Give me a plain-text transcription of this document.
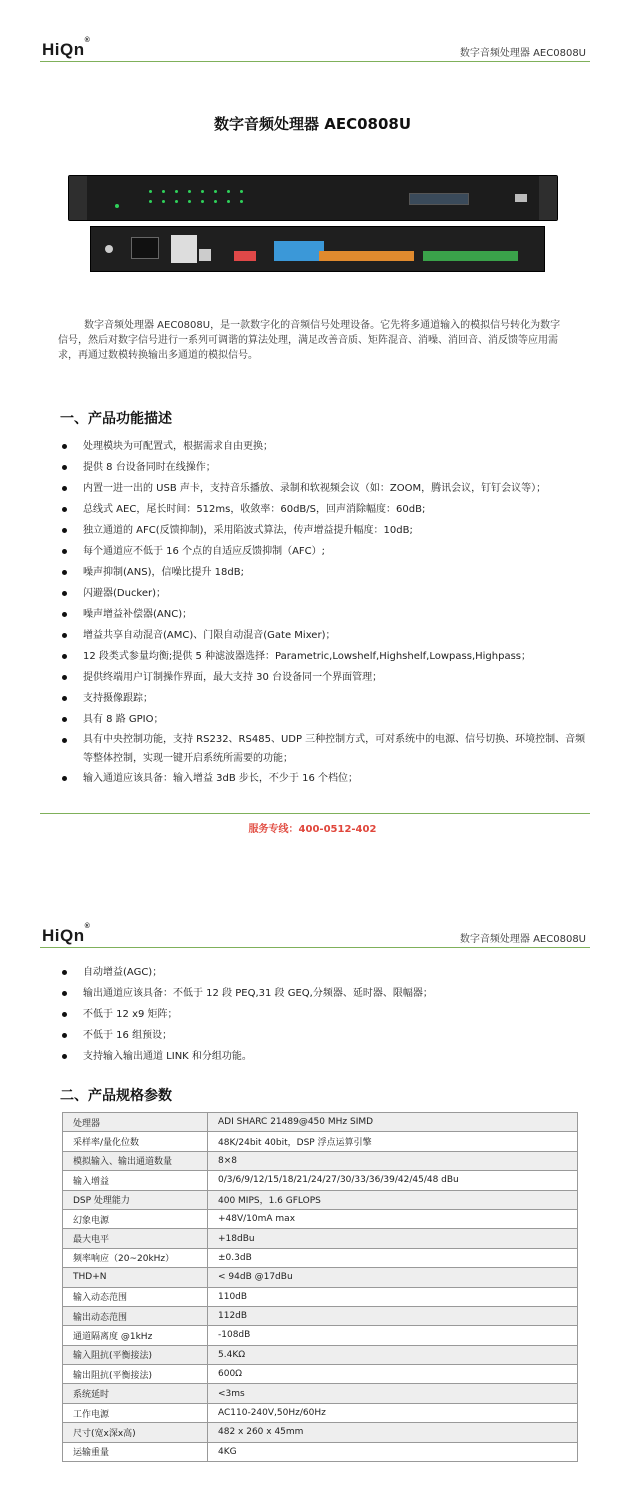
HiQn®
数字音频处理器 AEC0808U
数字音频处理器 AEC0808U

数字音频处理器 AEC0808U，是一款数字化的音频信号处理设备。它先将多通道输入的模拟信号转化为数字信号，然后对数字信号进行一系列可调谐的算法处理，满足改善音质、矩阵混音、消噪、消回音、消反馈等应用需求，再通过数模转换输出多通道的模拟信号。

一、产品功能描述
处理模块为可配置式，根据需求自由更换；
提供 8 台设备同时在线操作；
内置一进一出的 USB 声卡，支持音乐播放、录制和软视频会议（如：ZOOM，腾讯会议，钉钉会议等）；
总线式 AEC，尾长时间：512ms，收敛率：60dB/S，回声消除幅度：60dB;
独立通道的 AFC(反馈抑制)，采用陷波式算法，传声增益提升幅度：10dB;
每个通道应不低于 16 个点的自适应反馈抑制（AFC）;
噪声抑制(ANS)，信噪比提升 18dB;
闪避器(Ducker)；
噪声增益补偿器(ANC)；
增益共享自动混音(AMC)、门限自动混音(Gate Mixer)；
12 段类式参量均衡;提供 5 种滤波器选择：Parametric,Lowshelf,Highshelf,Lowpass,Highpass；
提供终端用户订制操作界面，最大支持 30 台设备同一个界面管理；
支持摄像跟踪；
具有 8 路 GPIO；
具有中央控制功能，支持 RS232、RS485、UDP 三种控制方式，可对系统中的电源、信号切换、环境控制、音频等整体控制，实现一键开启系统所需要的功能；
输入通道应该具备：输入增益 3dB 步长，不少于 16 个档位；
服务专线：400-0512-402
HiQn®
数字音频处理器 AEC0808U
自动增益(AGC)；
输出通道应该具备：不低于 12 段 PEQ,31 段 GEQ,分频器、延时器、限幅器；
不低于 12 x9 矩阵；
不低于 16 组预设；
支持输入输出通道 LINK 和分组功能。
二、产品规格参数
处理器	ADI SHARC 21489@450 MHz SIMD
采样率/量化位数	48K/24bit 40bit，DSP 浮点运算引擎
模拟输入、输出通道数量	8×8
输入增益	0/3/6/9/12/15/18/21/24/27/30/33/36/39/42/45/48 dBu
DSP 处理能力	400 MIPS，1.6 GFLOPS
幻象电源	+48V/10mA max
最大电平	+18dBu
频率响应（20~20kHz）	±0.3dB
THD+N	< 94dB @17dBu
输入动态范围	110dB
输出动态范围	112dB
通道隔离度 @1kHz	-108dB
输入阻抗(平衡接法)	5.4KΩ
输出阻抗(平衡接法)	600Ω
系统延时	<3ms
工作电源	AC110-240V,50Hz/60Hz
尺寸(宽x深x高)	482 x 260 x 45mm
运输重量	4KG
